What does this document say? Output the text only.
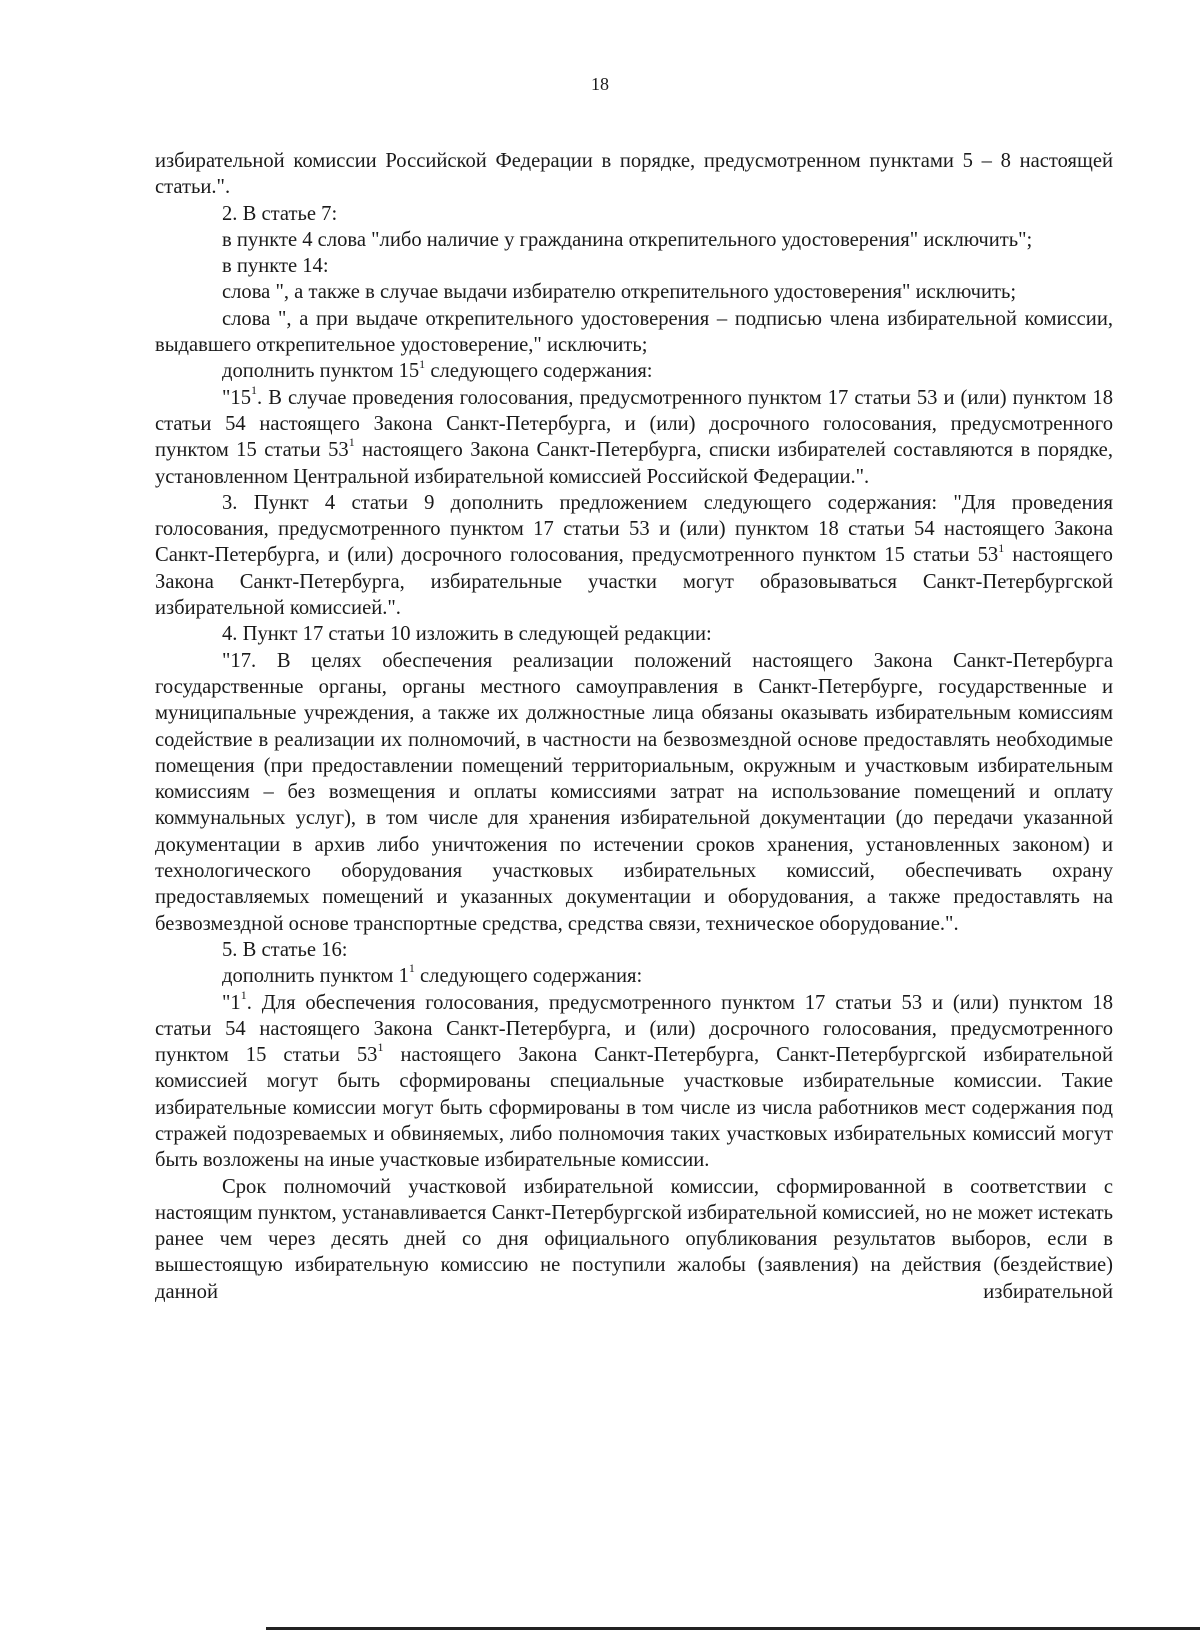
18

избирательной комиссии Российской Федерации в порядке, предусмотренном пунктами 5 – 8 настоящей статьи.".

2. В статье 7:

в пункте 4 слова "либо наличие у гражданина открепительного удостоверения" исключить";

в пункте 14:

слова ", а также в случае выдачи избирателю открепительного удостоверения" исключить;

слова ", а при выдаче открепительного удостоверения – подписью члена избирательной комиссии, выдавшего открепительное удостоверение," исключить;

дополнить пунктом $15^1$ следующего содержания:

"$15^1$. В случае проведения голосования, предусмотренного пунктом 17 статьи 53 и (или) пунктом 18 статьи 54 настоящего Закона Санкт-Петербурга, и (или) досрочного голосования, предусмотренного пунктом 15 статьи $53^1$ настоящего Закона Санкт-Петербурга, списки избирателей составляются в порядке, установленном Центральной избирательной комиссией Российской Федерации.".

3. Пункт 4 статьи 9 дополнить предложением следующего содержания: "Для проведения голосования, предусмотренного пунктом 17 статьи 53 и (или) пунктом 18 статьи 54 настоящего Закона Санкт-Петербурга, и (или) досрочного голосования, предусмотренного пунктом 15 статьи $53^1$ настоящего Закона Санкт-Петербурга, избирательные участки могут образовываться Санкт-Петербургской избирательной комиссией.".

4. Пункт 17 статьи 10 изложить в следующей редакции:

"17. В целях обеспечения реализации положений настоящего Закона Санкт-Петербурга государственные органы, органы местного самоуправления в Санкт-Петербурге, государственные и муниципальные учреждения, а также их должностные лица обязаны оказывать избирательным комиссиям содействие в реализации их полномочий, в частности на безвозмездной основе предоставлять необходимые помещения (при предоставлении помещений территориальным, окружным и участковым избирательным комиссиям – без возмещения и оплаты комиссиями затрат на использование помещений и оплату коммунальных услуг), в том числе для хранения избирательной документации (до передачи указанной документации в архив либо уничтожения по истечении сроков хранения, установленных законом) и технологического оборудования участковых избирательных комиссий, обеспечивать охрану предоставляемых помещений и указанных документации и оборудования, а также предоставлять на безвозмездной основе транспортные средства, средства связи, техническое оборудование.".

5. В статье 16:

дополнить пунктом $1^1$ следующего содержания:

"$1^1$. Для обеспечения голосования, предусмотренного пунктом 17 статьи 53 и (или) пунктом 18 статьи 54 настоящего Закона Санкт-Петербурга, и (или) досрочного голосования, предусмотренного пунктом 15 статьи $53^1$ настоящего Закона Санкт-Петербурга, Санкт-Петербургской избирательной комиссией могут быть сформированы специальные участковые избирательные комиссии. Такие избирательные комиссии могут быть сформированы в том числе из числа работников мест содержания под стражей подозреваемых и обвиняемых, либо полномочия таких участковых избирательных комиссий могут быть возложены на иные участковые избирательные комиссии.

Срок полномочий участковой избирательной комиссии, сформированной в соответствии с настоящим пунктом, устанавливается Санкт-Петербургской избирательной комиссией, но не может истекать ранее чем через десять дней со дня официального опубликования результатов выборов, если в вышестоящую избирательную комиссию не поступили жалобы (заявления) на действия (бездействие) данной избирательной
